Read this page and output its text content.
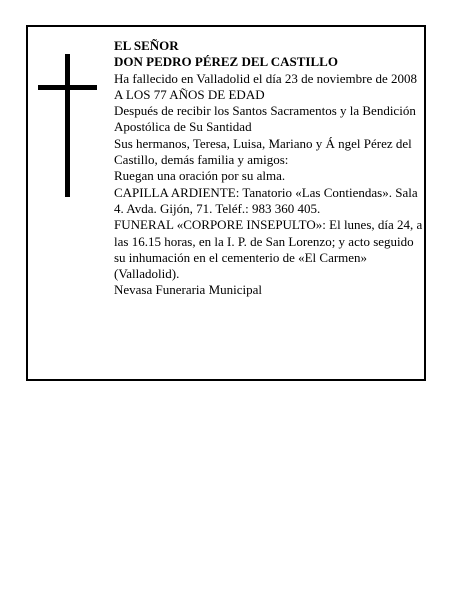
EL SEÑOR

DON PEDRO PÉREZ DEL CASTILLO

Ha fallecido en Valladolid el día 23 de noviembre de 2008

A LOS 77 AÑOS DE EDAD

Después de recibir los Santos Sacramentos y la Bendición Apostólica de Su Santidad

Sus hermanos, Teresa, Luisa, Mariano y Á ngel Pérez del Castillo, demás familia y amigos:

Ruegan una oración por su alma.

CAPILLA ARDIENTE: Tanatorio «Las Contiendas». Sala 4. Avda. Gijón, 71. Teléf.: 983 360 405.

FUNERAL «CORPORE INSEPULTO»: El lunes, día 24, a las 16.15 horas, en la I. P. de San Lorenzo; y acto seguido su inhumación en el cementerio de «El Carmen» (Valladolid).

Nevasa Funeraria Municipal
